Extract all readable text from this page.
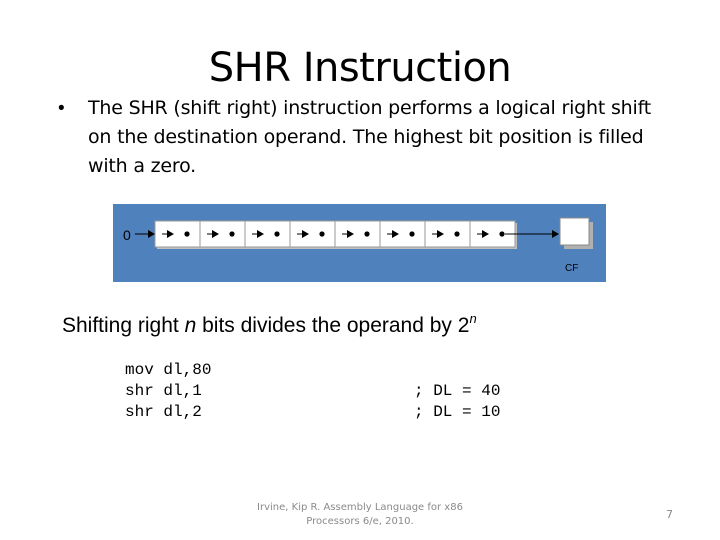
SHR Instruction
• The SHR (shift right) instruction performs a logical right shift on the destination operand. The highest bit position is filled with a zero.
0
CF
Shifting right n bits divides the operand by 2$^n$
mov dl,80
shr dl,1
shr dl,2
; DL = 40
; DL = 10
Irvine, Kip R. Assembly Language for x86 Processors 6/e, 2010.
7
